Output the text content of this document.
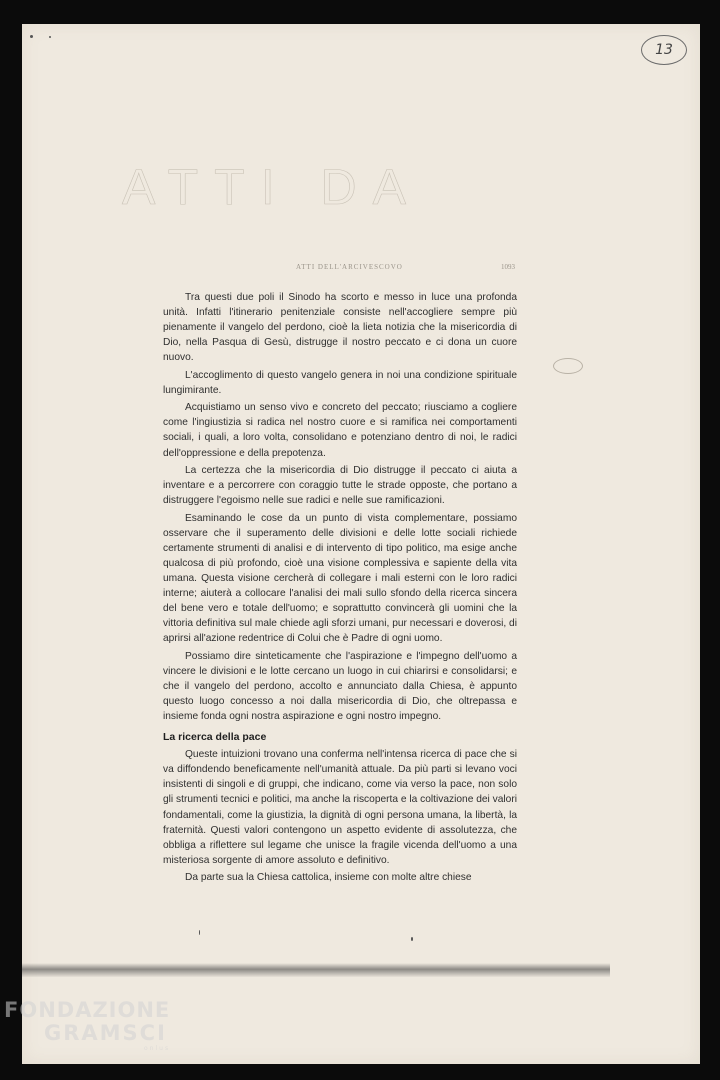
13
ATTI DA
ATTI DELL'ARCIVESCOVO	1093

Tra questi due poli il Sinodo ha scorto e messo in luce una profonda unità. Infatti l'itinerario penitenziale consiste nell'accogliere sempre più pienamente il vangelo del perdono, cioè la lieta notizia che la misericordia di Dio, nella Pasqua di Gesù, distrugge il nostro peccato e ci dona un cuore nuovo.

L'accoglimento di questo vangelo genera in noi una condizione spirituale lungimirante.

Acquistiamo un senso vivo e concreto del peccato; riusciamo a cogliere come l'ingiustizia si radica nel nostro cuore e si ramifica nei comportamenti sociali, i quali, a loro volta, consolidano e potenziano dentro di noi, le radici dell'oppressione e della prepotenza.

La certezza che la misericordia di Dio distrugge il peccato ci aiuta a inventare e a percorrere con coraggio tutte le strade opposte, che portano a distruggere l'egoismo nelle sue radici e nelle sue ramificazioni.

Esaminando le cose da un punto di vista complementare, possiamo osservare che il superamento delle divisioni e delle lotte sociali richiede certamente strumenti di analisi e di intervento di tipo politico, ma esige anche qualcosa di più profondo, cioè una visione complessiva e sapiente della vita umana. Questa visione cercherà di collegare i mali esterni con le loro radici interne; aiuterà a collocare l'analisi dei mali sullo sfondo della ricerca sincera del bene vero e totale dell'uomo; e soprattutto convincerà gli uomini che la vittoria definitiva sul male chiede agli sforzi umani, pur necessari e doverosi, di aprirsi all'azione redentrice di Colui che è Padre di ogni uomo.

Possiamo dire sinteticamente che l'aspirazione e l'impegno dell'uomo a vincere le divisioni e le lotte cercano un luogo in cui chiarirsi e consolidarsi; e che il vangelo del perdono, accolto e annunciato dalla Chiesa, è appunto questo luogo concesso a noi dalla misericordia di Dio, che oltrepassa e insieme fonda ogni nostra aspirazione e ogni nostro impegno.

La ricerca della pace

Queste intuizioni trovano una conferma nell'intensa ricerca di pace che si va diffondendo beneficamente nell'umanità attuale. Da più parti si levano voci insistenti di singoli e di gruppi, che indicano, come via verso la pace, non solo gli strumenti tecnici e politici, ma anche la riscoperta e la coltivazione dei valori fondamentali, come la giustizia, la dignità di ogni persona umana, la libertà, la fraternità. Questi valori contengono un aspetto evidente di assolutezza, che obbliga a riflettere sul legame che unisce la fragile vicenda dell'uomo a una misteriosa sorgente di amore assoluto e definitivo.

Da parte sua la Chiesa cattolica, insieme con molte altre chiese

FONDAZIONE
GRAMSCI
onlus
